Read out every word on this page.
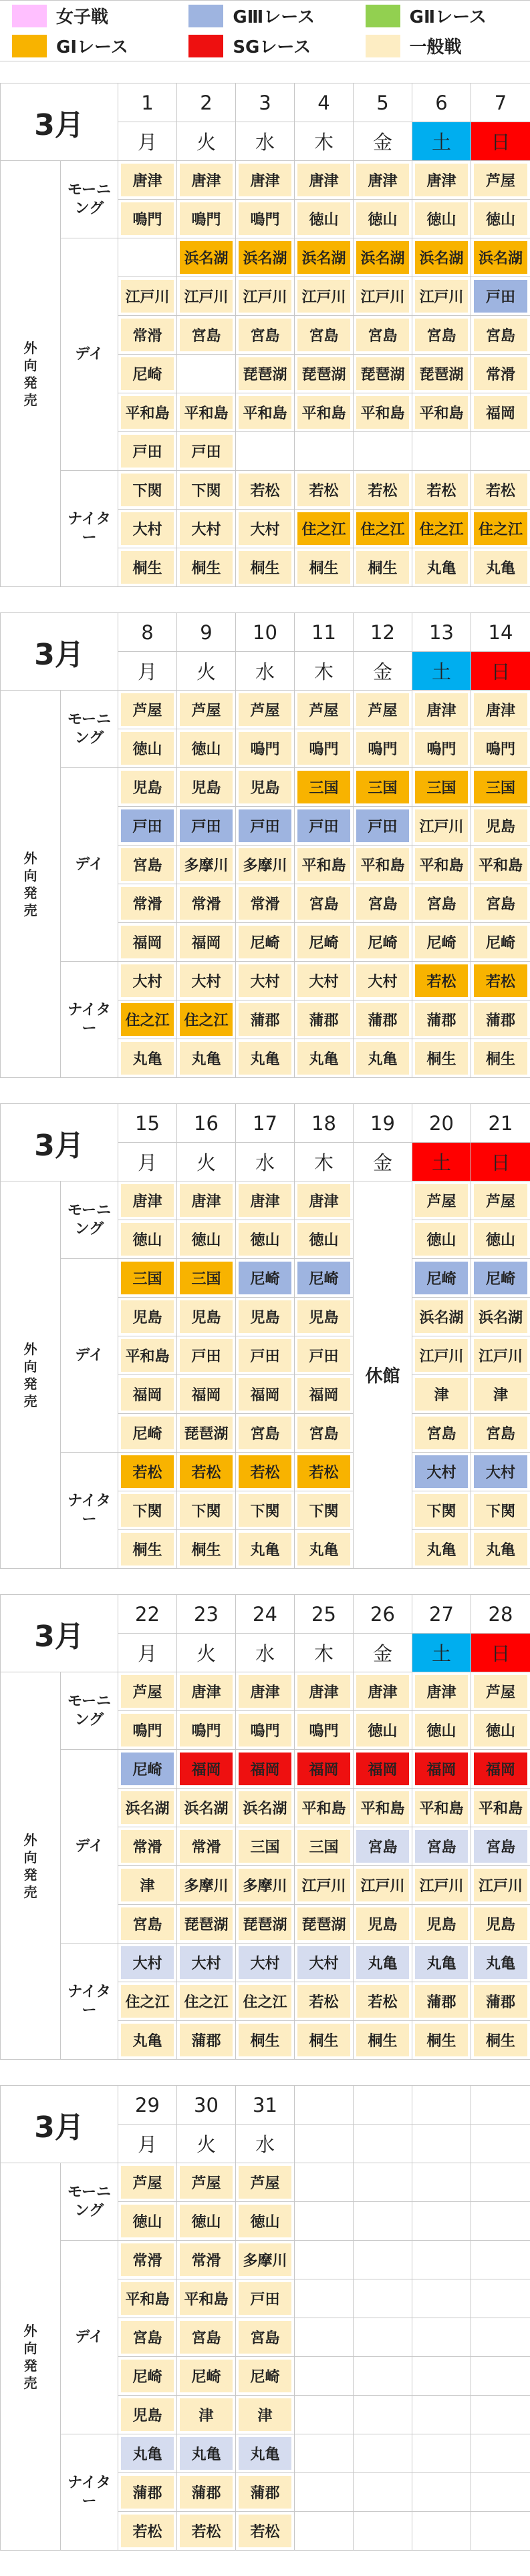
女子戦	GⅢレース	GⅡレース
GⅠレース	SGレース	一般戦
3月		1	2	3	4	5	6	7
		月	火	水	木	金	土	日
外向発売	モーニング	唐津	唐津	唐津	唐津	唐津	唐津	芦屋

鳴門	鳴門	鳴門	徳山	徳山	徳山	徳山

	デイ		浜名湖	浜名湖	浜名湖	浜名湖	浜名湖	浜名湖

江戸川	江戸川	江戸川	江戸川	江戸川	江戸川	戸田

常滑	宮島	宮島	宮島	宮島	宮島	宮島

尼崎		琵琶湖	琵琶湖	琵琶湖	琵琶湖	常滑

平和島	平和島	平和島	平和島	平和島	平和島	福岡

戸田	戸田					

	ナイター	下関	下関	若松	若松	若松	若松	若松

大村	大村	大村	住之江	住之江	住之江	住之江

桐生	桐生	桐生	桐生	桐生	丸亀	丸亀
3月		8	9	10	11	12	13	14
		月	火	水	木	金	土	日
外向発売	モーニング	芦屋	芦屋	芦屋	芦屋	芦屋	唐津	唐津

徳山	徳山	鳴門	鳴門	鳴門	鳴門	鳴門

	デイ	児島	児島	児島	三国	三国	三国	三国

戸田	戸田	戸田	戸田	戸田	江戸川	児島

宮島	多摩川	多摩川	平和島	平和島	平和島	平和島

常滑	常滑	常滑	宮島	宮島	宮島	宮島

福岡	福岡	尼崎	尼崎	尼崎	尼崎	尼崎

	ナイター	大村	大村	大村	大村	大村	若松	若松

住之江	住之江	蒲郡	蒲郡	蒲郡	蒲郡	蒲郡

丸亀	丸亀	丸亀	丸亀	丸亀	桐生	桐生
3月		15	16	17	18	19	20	21
		月	火	水	木	金	土	日
外向発売	モーニング	唐津	唐津	唐津	唐津	休館	芦屋	芦屋

徳山	徳山	徳山	徳山		徳山	徳山

	デイ	三国	三国	尼崎	尼崎		尼崎	尼崎

児島	児島	児島	児島		浜名湖	浜名湖

平和島	戸田	戸田	戸田		江戸川	江戸川

福岡	福岡	福岡	福岡		津	津

尼崎	琵琶湖	宮島	宮島		宮島	宮島

	ナイター	若松	若松	若松	若松		大村	大村

下関	下関	下関	下関		下関	下関

桐生	桐生	丸亀	丸亀		丸亀	丸亀
3月		22	23	24	25	26	27	28
		月	火	水	木	金	土	日
外向発売	モーニング	芦屋	唐津	唐津	唐津	唐津	唐津	芦屋

鳴門	鳴門	鳴門	鳴門	徳山	徳山	徳山

	デイ	尼崎	福岡	福岡	福岡	福岡	福岡	福岡

浜名湖	浜名湖	浜名湖	平和島	平和島	平和島	平和島

常滑	常滑	三国	三国	宮島	宮島	宮島

津	多摩川	多摩川	江戸川	江戸川	江戸川	江戸川

宮島	琵琶湖	琵琶湖	琵琶湖	児島	児島	児島

	ナイター	大村	大村	大村	大村	丸亀	丸亀	丸亀

住之江	住之江	住之江	若松	若松	蒲郡	蒲郡

丸亀	蒲郡	桐生	桐生	桐生	桐生	桐生
3月		29	30	31				
		月	火	水				
外向発売	モーニング	芦屋	芦屋	芦屋				

徳山	徳山	徳山				

	デイ	常滑	常滑	多摩川				

平和島	平和島	戸田				

宮島	宮島	宮島				

尼崎	尼崎	尼崎				

児島	津	津				

	ナイター	丸亀	丸亀	丸亀				

蒲郡	蒲郡	蒲郡				

若松	若松	若松				
